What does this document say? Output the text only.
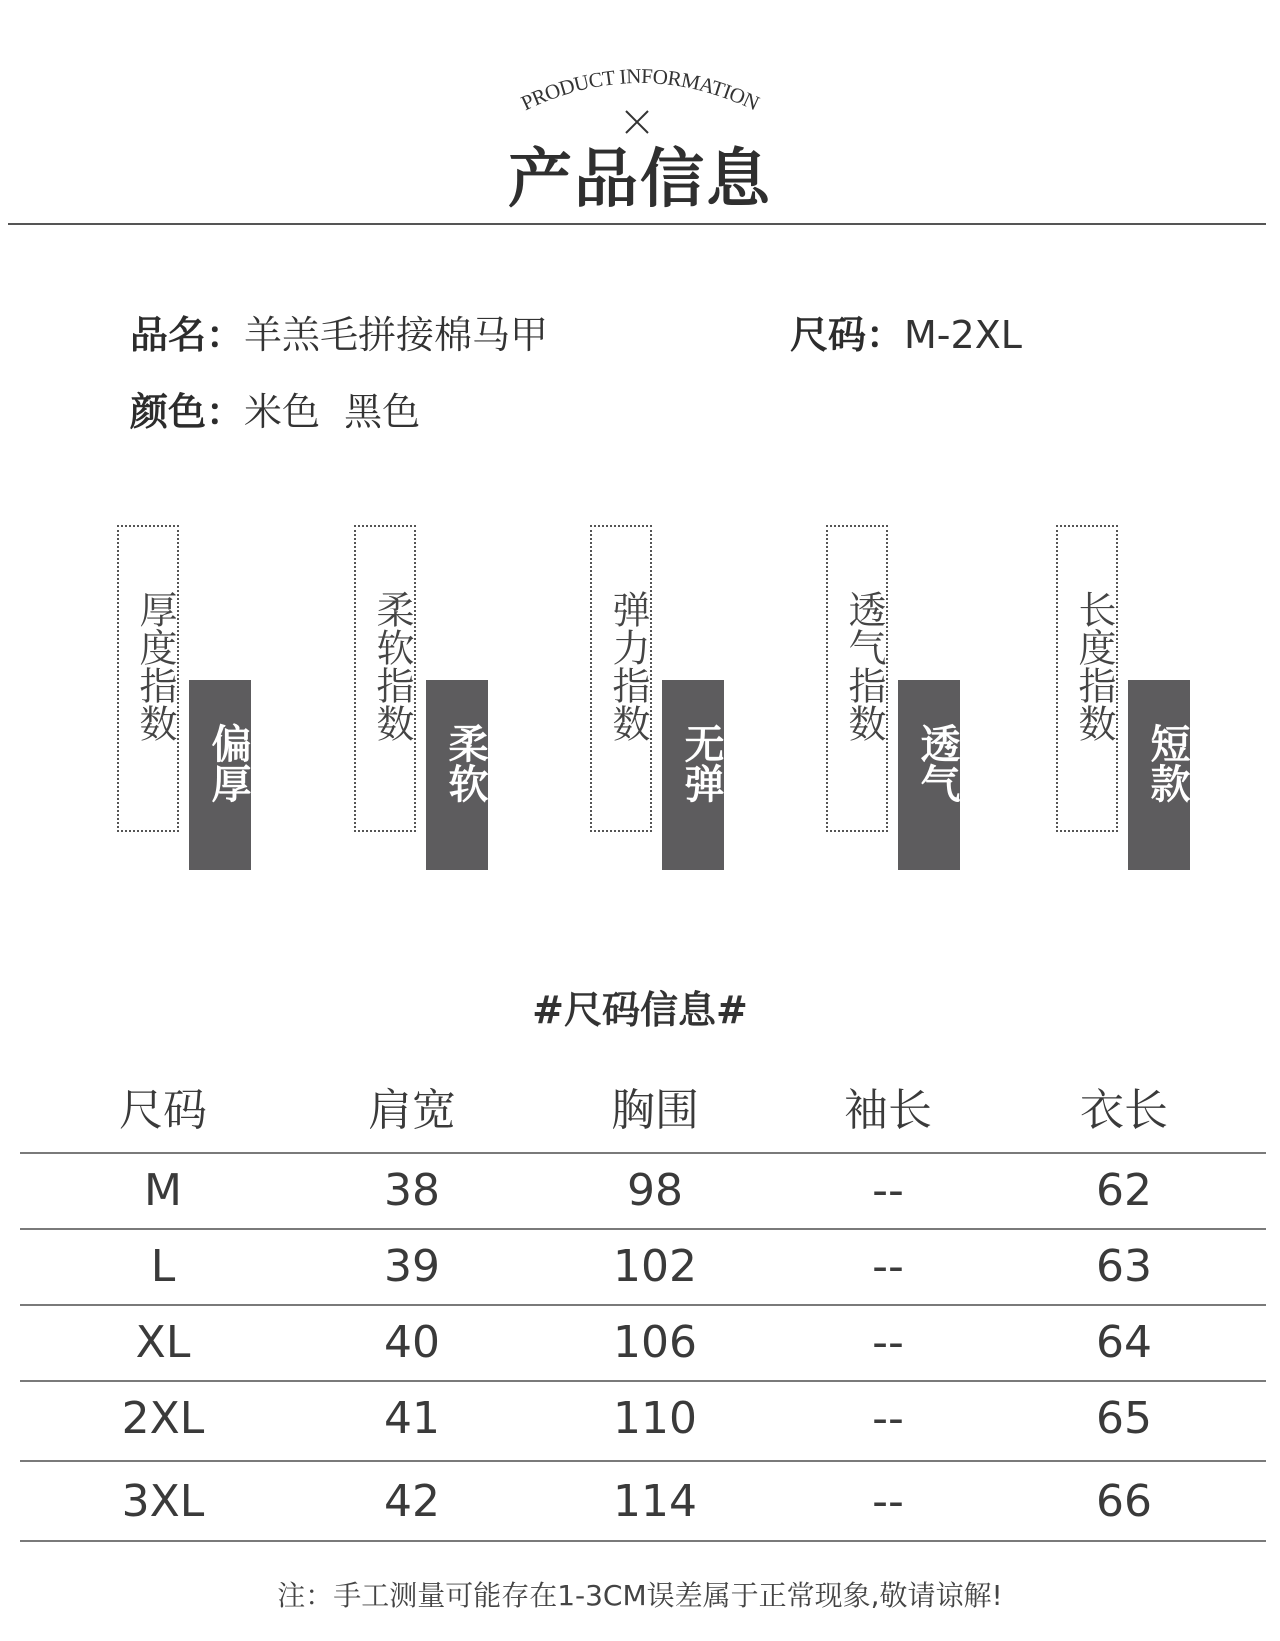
PRODUCT INFORMATION
产品信息
品名：羊羔毛拼接棉马甲	尺码：M-2XL
颜色：米色  黑色
厚度指数
偏厚
柔软指数
柔软
弹力指数
无弹
透气指数
透气
长度指数
短款
#尺码信息#
尺码	肩宽	胸围	袖长	衣长
M	38	98	--	62
L	39	102	--	63
XL	40	106	--	64
2XL	41	110	--	65
3XL	42	114	--	66
注：手工测量可能存在1-3CM误差属于正常现象,敬请谅解!
